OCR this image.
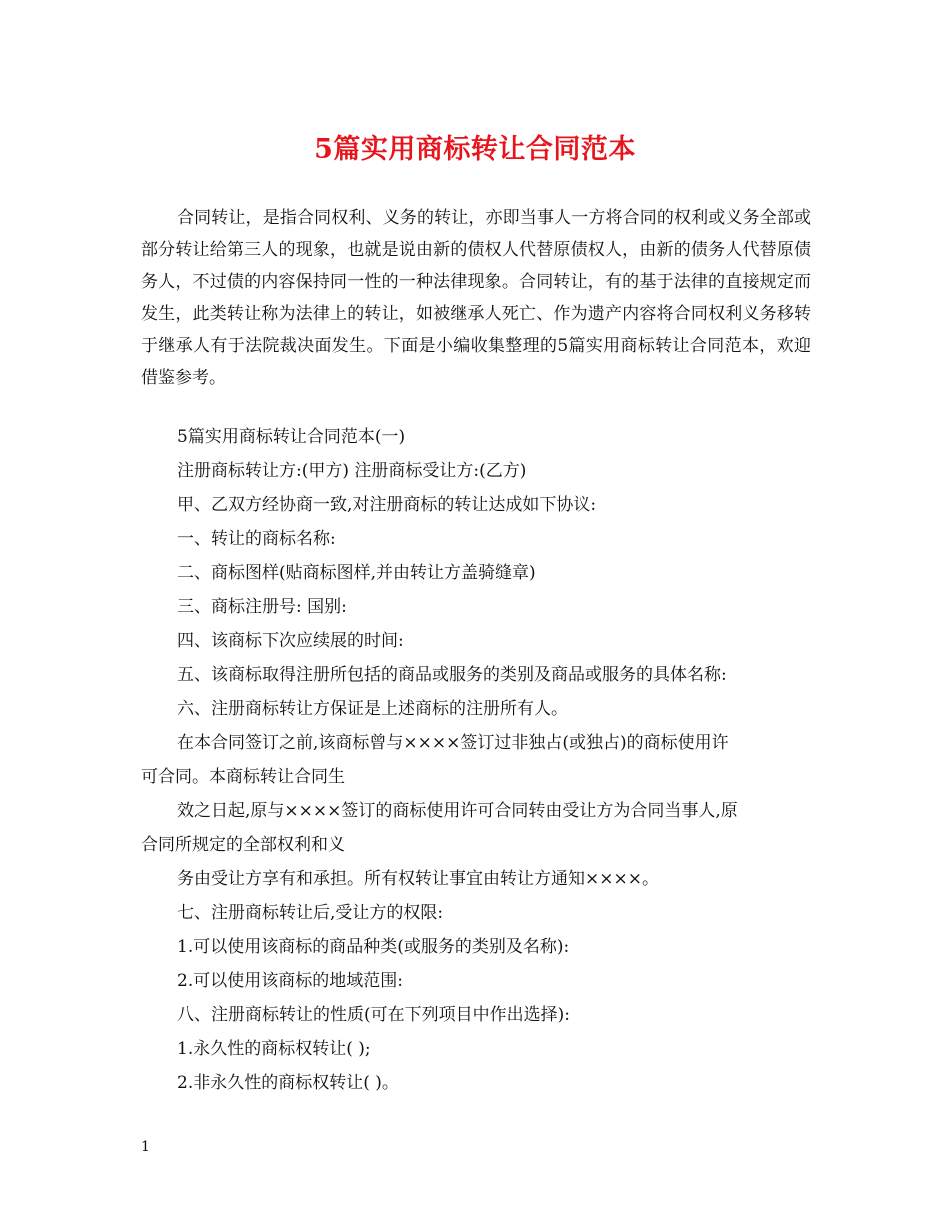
5篇实用商标转让合同范本

合同转让，是指合同权利、义务的转让，亦即当事人一方将合同的权利或义务全部或部分转让给第三人的现象，也就是说由新的债权人代替原债权人，由新的债务人代替原债务人，不过债的内容保持同一性的一种法律现象。合同转让，有的基于法律的直接规定而发生，此类转让称为法律上的转让，如被继承人死亡、作为遗产内容将合同权利义务移转于继承人有于法院裁决面发生。下面是小编收集整理的5篇实用商标转让合同范本，欢迎借鉴参考。

5篇实用商标转让合同范本(一)
注册商标转让方:(甲方) 注册商标受让方:(乙方)
甲、乙双方经协商一致,对注册商标的转让达成如下协议:
一、转让的商标名称:
二、商标图样(贴商标图样,并由转让方盖骑缝章)
三、商标注册号: 国别:
四、该商标下次应续展的时间:
五、该商标取得注册所包括的商品或服务的类别及商品或服务的具体名称:
六、注册商标转让方保证是上述商标的注册所有人。
在本合同签订之前,该商标曾与××××签订过非独占(或独占)的商标使用许
可合同。本商标转让合同生
效之日起,原与××××签订的商标使用许可合同转由受让方为合同当事人,原
合同所规定的全部权利和义
务由受让方享有和承担。所有权转让事宜由转让方通知××××。
七、注册商标转让后,受让方的权限:
1.可以使用该商标的商品种类(或服务的类别及名称):
2.可以使用该商标的地域范围:
八、注册商标转让的性质(可在下列项目中作出选择):
1.永久性的商标权转让( );
2.非永久性的商标权转让( )。
1
